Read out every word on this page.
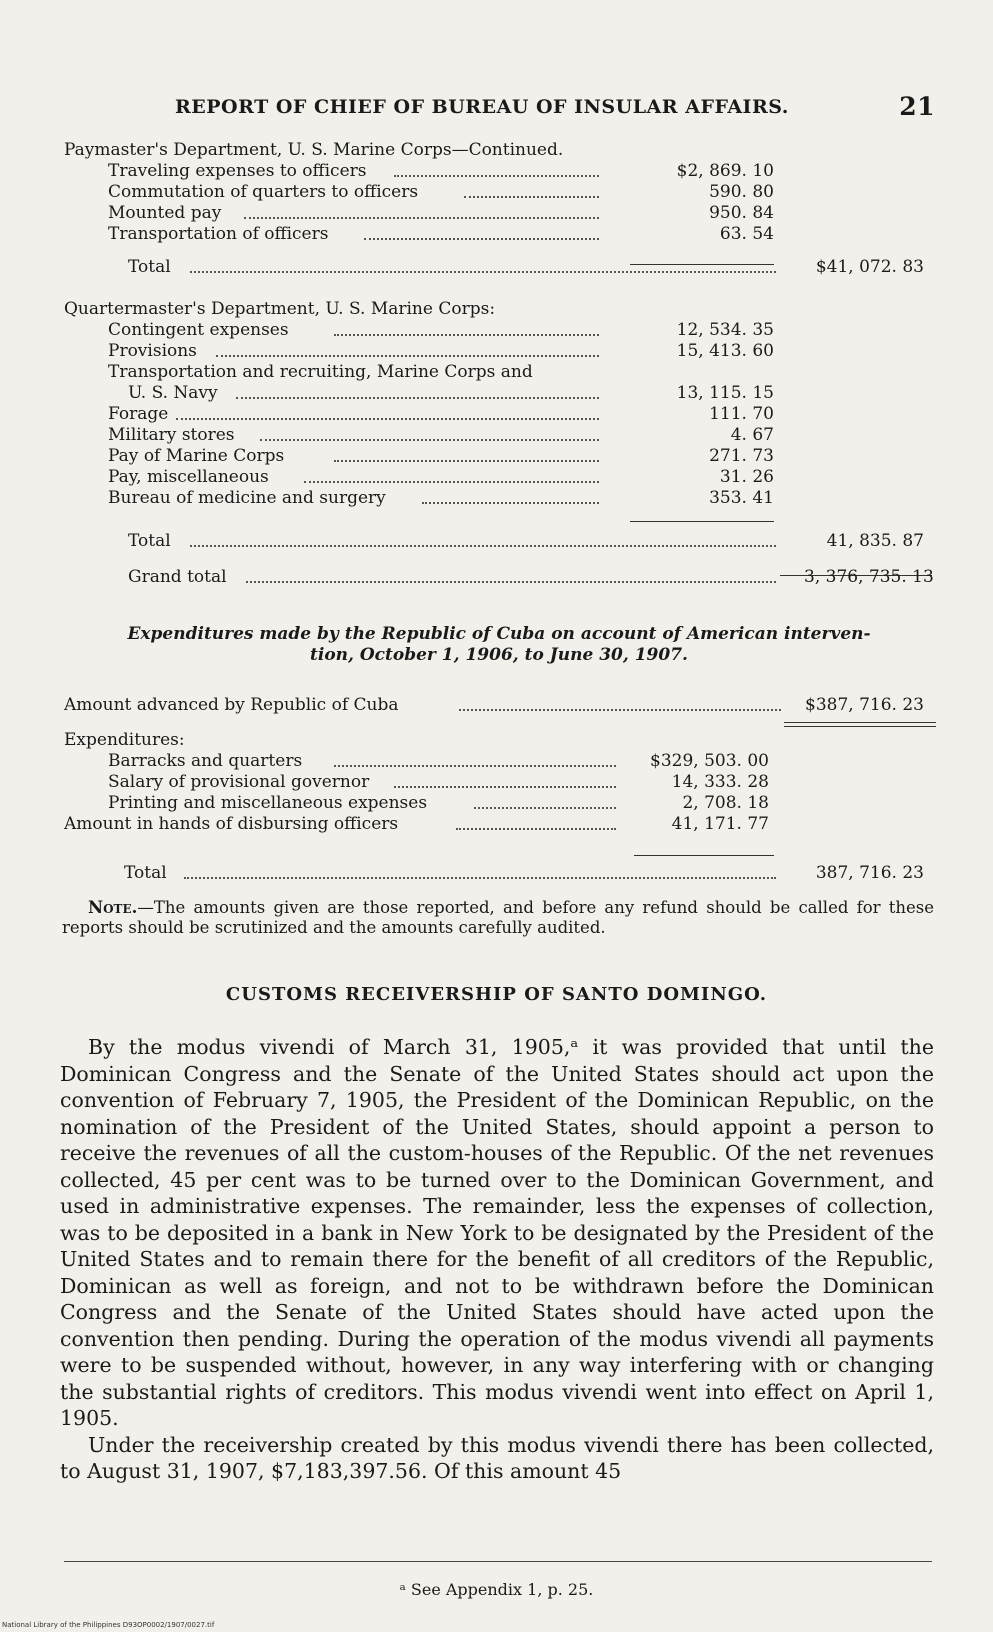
REPORT OF CHIEF OF BUREAU OF INSULAR AFFAIRS.	21
Paymaster's Department, U. S. Marine Corps—Continued.
Traveling expenses to officers	$2, 869. 10
Commutation of quarters to officers	590. 80
Mounted pay	950. 84
Transportation of officers	63. 54
Total	$41, 072. 83
Quartermaster's Department, U. S. Marine Corps:
Contingent expenses	12, 534. 35
Provisions	15, 413. 60
Transportation and recruiting, Marine Corps and
U. S. Navy	13, 115. 15
Forage	111. 70
Military stores	4. 67
Pay of Marine Corps	271. 73
Pay, miscellaneous	31. 26
Bureau of medicine and surgery	353. 41
Total	41, 835. 87
Grand total	3, 376, 735. 13
Expenditures made by the Republic of Cuba on account of American interven-
tion, October 1, 1906, to June 30, 1907.
Amount advanced by Republic of Cuba	$387, 716. 23
Expenditures:
Barracks and quarters	$329, 503. 00
Salary of provisional governor	14, 333. 28
Printing and miscellaneous expenses	2, 708. 18
Amount in hands of disbursing officers	41, 171. 77
Total	387, 716. 23
Note.—The amounts given are those reported, and before any refund should be called for these reports should be scrutinized and the amounts carefully audited.
CUSTOMS RECEIVERSHIP OF SANTO DOMINGO.

By the modus vivendi of March 31, 1905,ᵃ it was provided that until the Dominican Congress and the Senate of the United States should act upon the convention of February 7, 1905, the President of the Dominican Republic, on the nomination of the President of the United States, should appoint a person to receive the revenues of all the custom-houses of the Republic. Of the net revenues collected, 45 per cent was to be turned over to the Dominican Government, and used in administrative expenses. The remainder, less the expenses of collection, was to be deposited in a bank in New York to be designated by the President of the United States and to remain there for the benefit of all creditors of the Republic, Dominican as well as foreign, and not to be withdrawn before the Dominican Congress and the Senate of the United States should have acted upon the convention then pending. During the operation of the modus vivendi all payments were to be suspended without, however, in any way interfering with or changing the substantial rights of creditors. This modus vivendi went into effect on April 1, 1905.

Under the receivership created by this modus vivendi there has been collected, to August 31, 1907, $7,183,397.56. Of this amount 45

ᵃ See Appendix 1, p. 25.
National Library of the Philippines D93OP0002/1907/0027.tif
